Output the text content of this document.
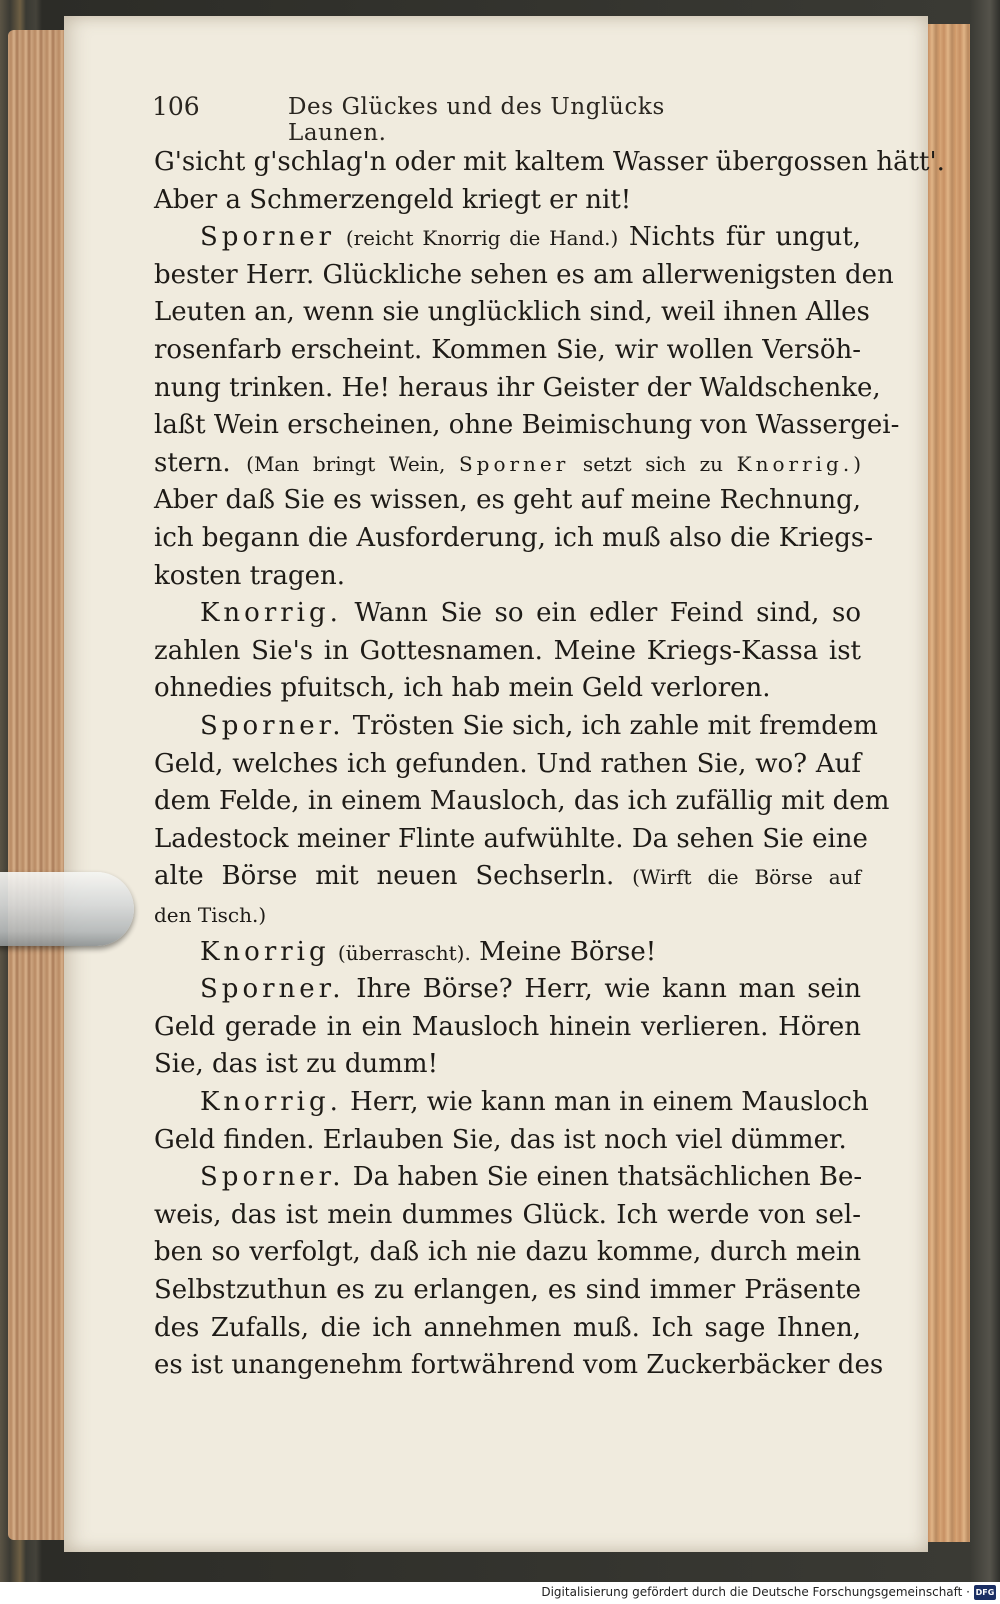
106	Des Glückes und des Unglücks Launen.
G'sicht g'schlag'n oder mit kaltem Wasser übergossen hätt'.
Aber a Schmerzengeld kriegt er nit!
Sporner (reicht Knorrig die Hand.) Nichts für ungut,
bester Herr. Glückliche sehen es am allerwenigsten den
Leuten an, wenn sie unglücklich sind, weil ihnen Alles
rosenfarb erscheint. Kommen Sie, wir wollen Versöh-
nung trinken. He! heraus ihr Geister der Waldschenke,
laßt Wein erscheinen, ohne Beimischung von Wassergei-
stern. (Man bringt Wein, Sporner setzt sich zu Knorrig.)
Aber daß Sie es wissen, es geht auf meine Rechnung,
ich begann die Ausforderung, ich muß also die Kriegs-
kosten tragen.
Knorrig. Wann Sie so ein edler Feind sind, so
zahlen Sie's in Gottesnamen. Meine Kriegs-Kassa ist
ohnedies pfuitsch, ich hab mein Geld verloren.
Sporner. Trösten Sie sich, ich zahle mit fremdem
Geld, welches ich gefunden. Und rathen Sie, wo? Auf
dem Felde, in einem Mausloch, das ich zufällig mit dem
Ladestock meiner Flinte aufwühlte. Da sehen Sie eine
alte Börse mit neuen Sechserln. (Wirft die Börse auf
den Tisch.)
Knorrig (überrascht). Meine Börse!
Sporner. Ihre Börse? Herr, wie kann man sein
Geld gerade in ein Mausloch hinein verlieren. Hören
Sie, das ist zu dumm!
Knorrig. Herr, wie kann man in einem Mausloch
Geld finden. Erlauben Sie, das ist noch viel dümmer.
Sporner. Da haben Sie einen thatsächlichen Be-
weis, das ist mein dummes Glück. Ich werde von sel-
ben so verfolgt, daß ich nie dazu komme, durch mein
Selbstzuthun es zu erlangen, es sind immer Präsente
des Zufalls, die ich annehmen muß. Ich sage Ihnen,
es ist unangenehm fortwährend vom Zuckerbäcker des
Digitalisierung gefördert durch die Deutsche Forschungsgemeinschaft · DFG
